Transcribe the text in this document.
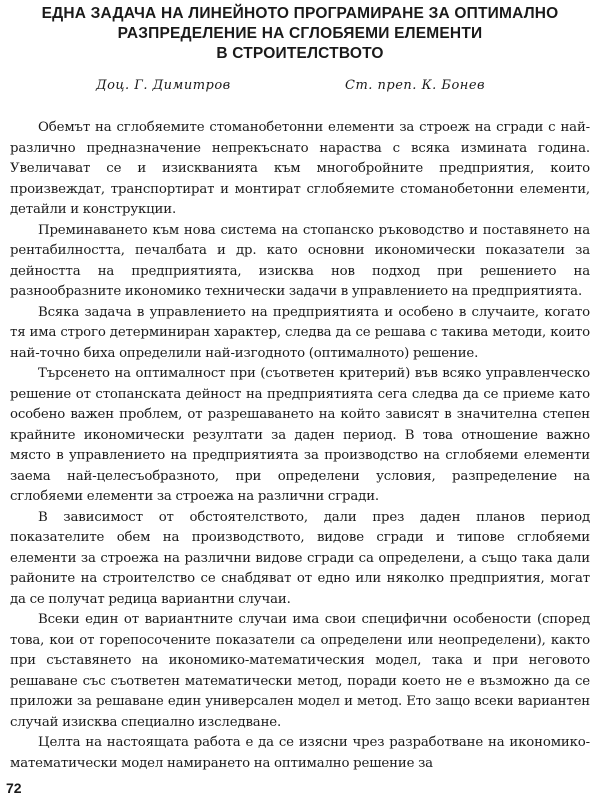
ЕДНА ЗАДАЧА НА ЛИНЕЙНОТО ПРОГРАМИРАНЕ ЗА ОПТИМАЛНО
РАЗПРЕДЕЛЕНИЕ НА СГЛОБЯЕМИ ЕЛЕМЕНТИ
В СТРОИТЕЛСТВОТО
Доц. Г. Димитров	Ст. преп. К. Бонев

Обемът на сглобяемите стоманобетонни елементи за строеж на сгради с най-различно предназначение непрекъснато нараства с всяка измината година. Увеличават се и изискванията към многобройните предприятия, които произвеждат, транспортират и монтират сглобяемите стоманобетонни елементи, детайли и конструкции.

Преминаването към нова система на стопанско ръководство и поставянето на рентабилността, печалбата и др. като основни икономически показатели за дейността на предприятията, изисква нов подход при решението на разнообразните икономико технически задачи в управлението на предприятията.

Всяка задача в управлението на предприятията и особено в случаите, когато тя има строго детерминиран характер, следва да се решава с такива методи, които най-точно биха определили най-изгодното (оптималното) решение.

Търсенето на оптималност при (съответен критерий) във всяко управленческо решение от стопанската дейност на предприятията сега следва да се приеме като особено важен проблем, от разрешаването на който зависят в значителна степен крайните икономически резултати за даден период. В това отношение важно място в управлението на предприятията за производство на сглобяеми елементи заема най-целесъобразното, при определени условия, разпределение на сглобяеми елементи за строежа на различни сгради.

В зависимост от обстоятелството, дали през даден планов период показателите обем на производството, видове сгради и типове сглобяеми елементи за строежа на различни видове сгради са определени, а също така дали районите на строителство се снабдяват от едно или няколко предприятия, могат да се получат редица вариантни случаи.

Всеки един от вариантните случаи има свои специфични особености (според това, кои от горепосочените показатели са определени или неопределени), както при съставянето на икономико-математическия модел, така и при неговото решаване със съответен математически метод, поради което не е възможно да се приложи за решаване един универсален модел и метод. Ето защо всеки вариантен случай изисква специално изследване.

Целта на настоящата работа е да се изясни чрез разработване на икономико-математически модел намирането на оптимално решение за

72
